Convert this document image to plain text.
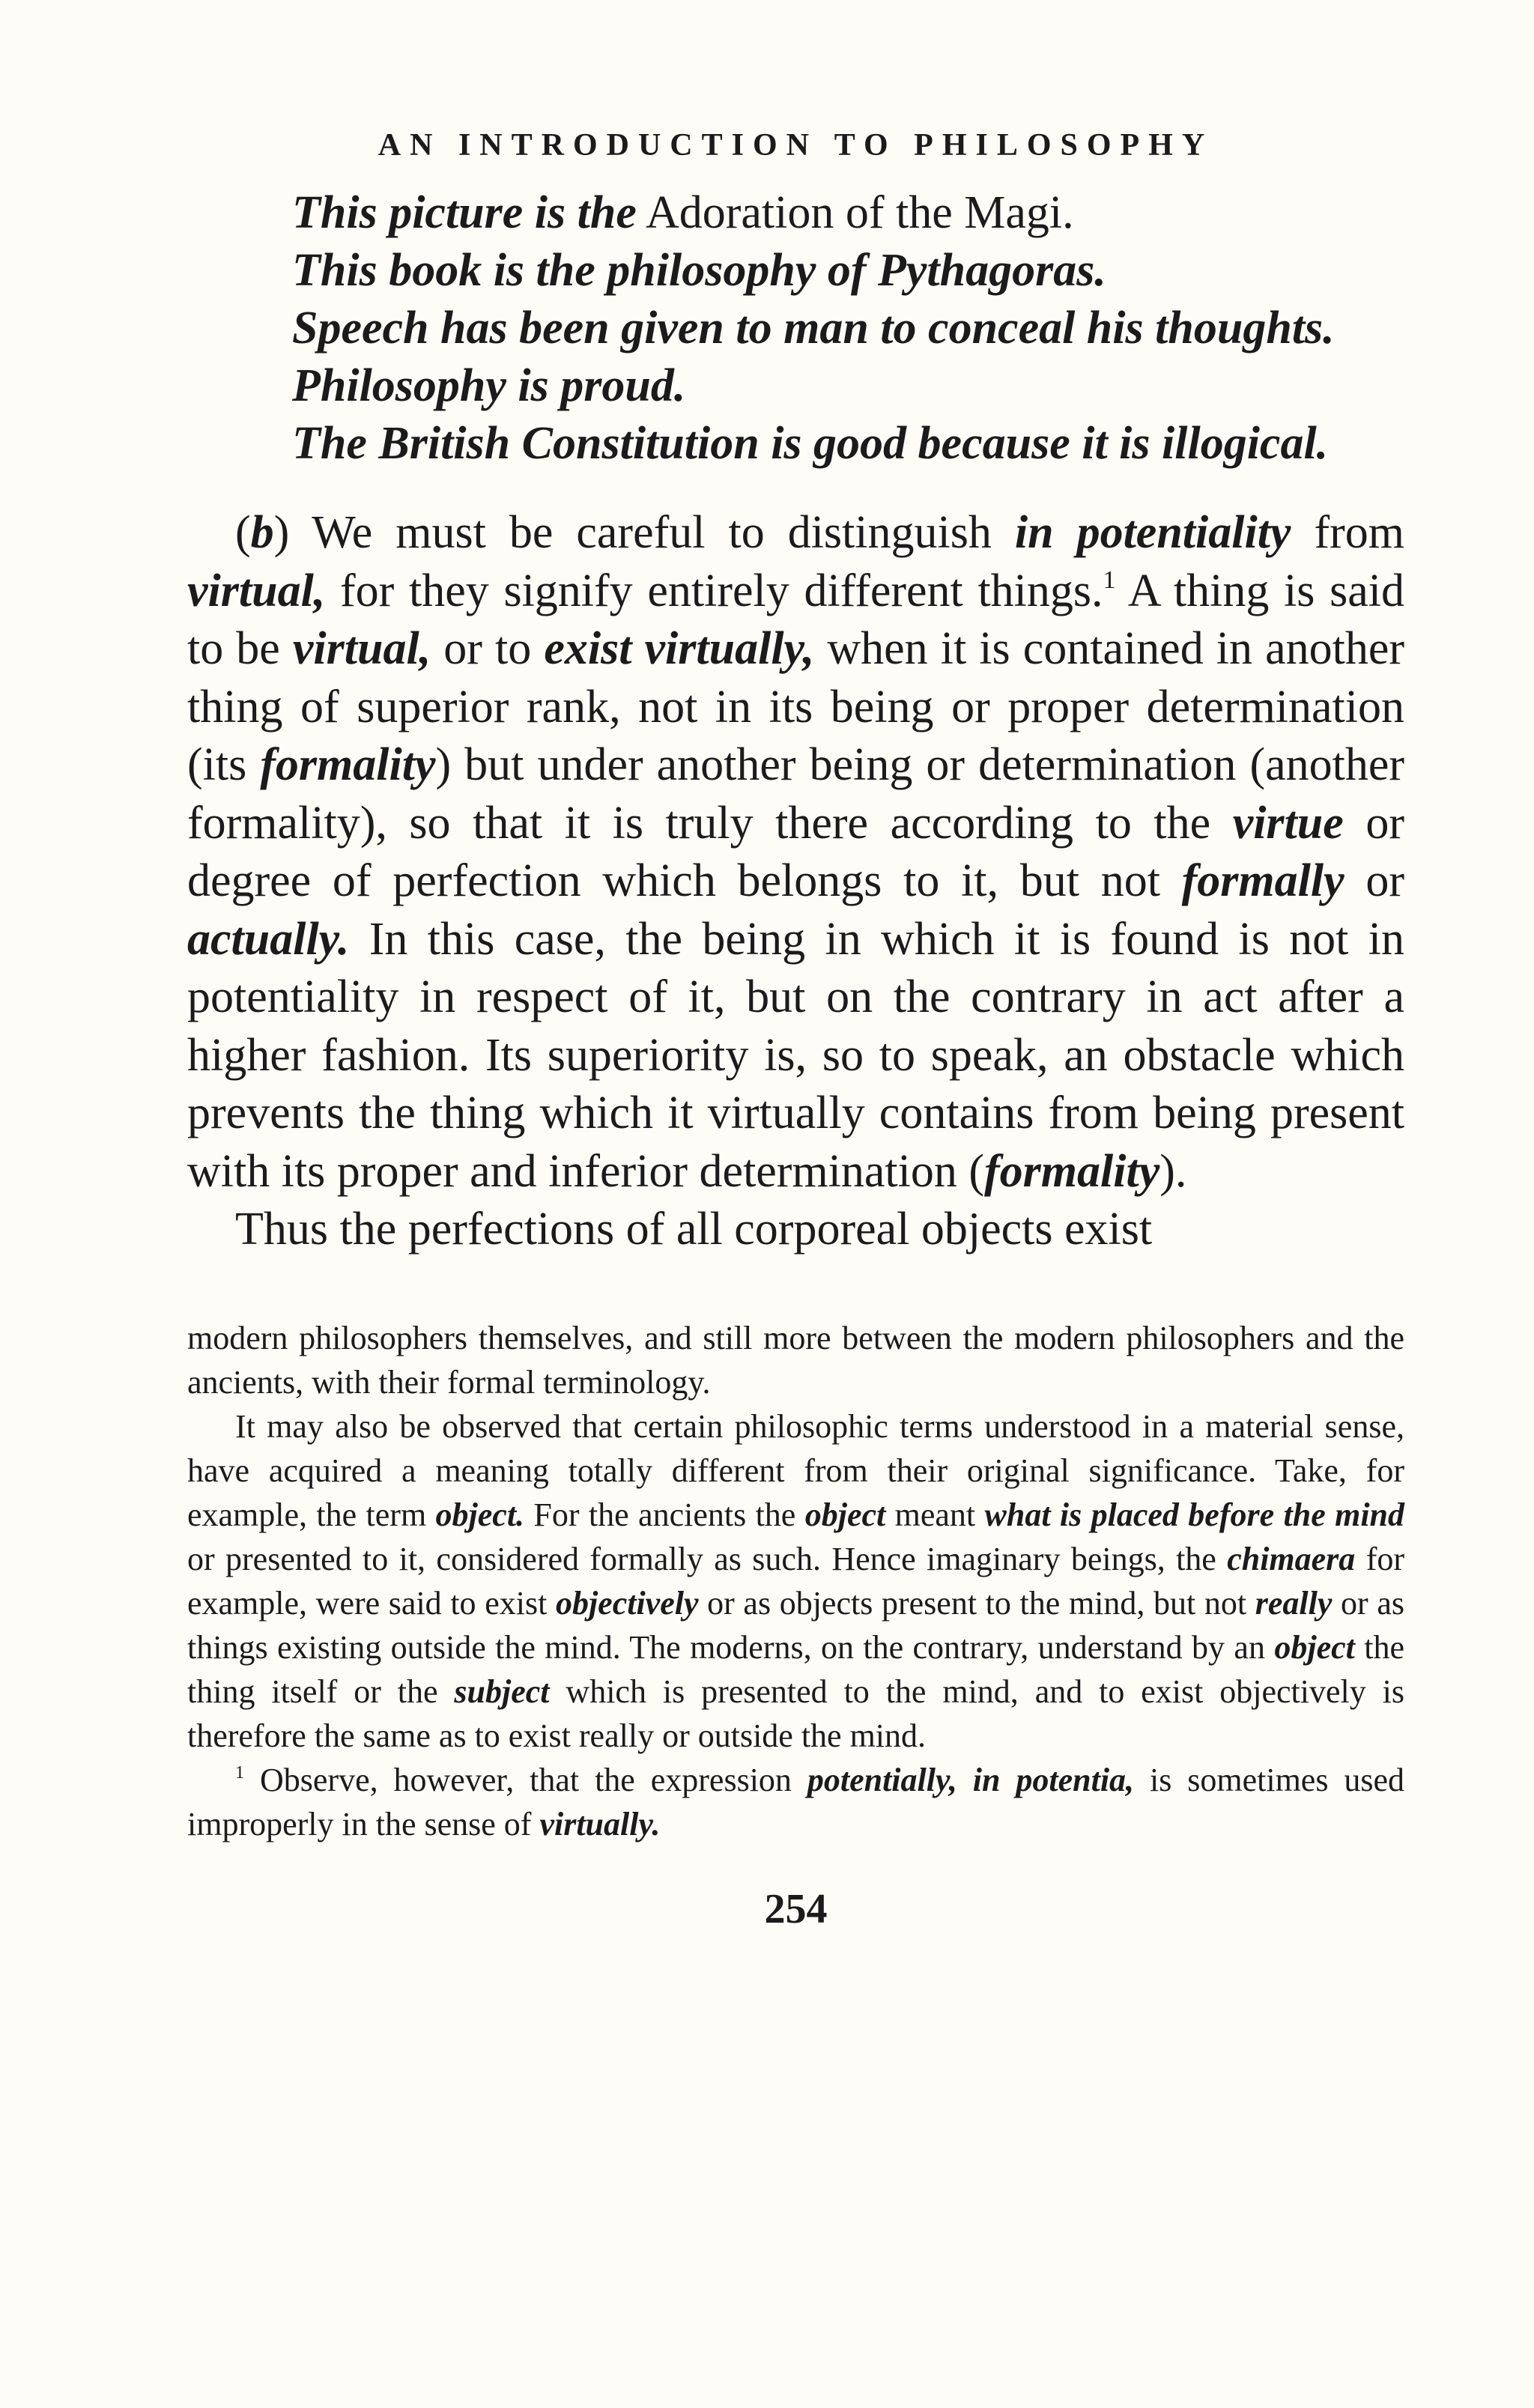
AN INTRODUCTION TO PHILOSOPHY
This picture is the Adoration of the Magi.
This book is the philosophy of Pythagoras.
Speech has been given to man to conceal his thoughts.
Philosophy is proud.
The British Constitution is good because it is illogical.

(b) We must be careful to distinguish in potentiality from virtual, for they signify entirely different things.$^1$ A thing is said to be virtual, or to exist virtually, when it is contained in another thing of superior rank, not in its being or proper determination (its formality) but under another being or determination (another formality), so that it is truly there according to the virtue or degree of perfection which belongs to it, but not formally or actually. In this case, the being in which it is found is not in potentiality in respect of it, but on the contrary in act after a higher fashion. Its superiority is, so to speak, an obstacle which prevents the thing which it virtually contains from being present with its proper and inferior determination (formality).

Thus the perfections of all corporeal objects exist

modern philosophers themselves, and still more between the modern philosophers and the ancients, with their formal terminology.

It may also be observed that certain philosophic terms understood in a material sense, have acquired a meaning totally different from their original significance. Take, for example, the term object. For the ancients the object meant what is placed before the mind or presented to it, considered formally as such. Hence imaginary beings, the chimaera for example, were said to exist objectively or as objects present to the mind, but not really or as things existing outside the mind. The moderns, on the contrary, understand by an object the thing itself or the subject which is presented to the mind, and to exist objectively is therefore the same as to exist really or outside the mind.

$^1$ Observe, however, that the expression potentially, in potentia, is sometimes used improperly in the sense of virtually.

254
